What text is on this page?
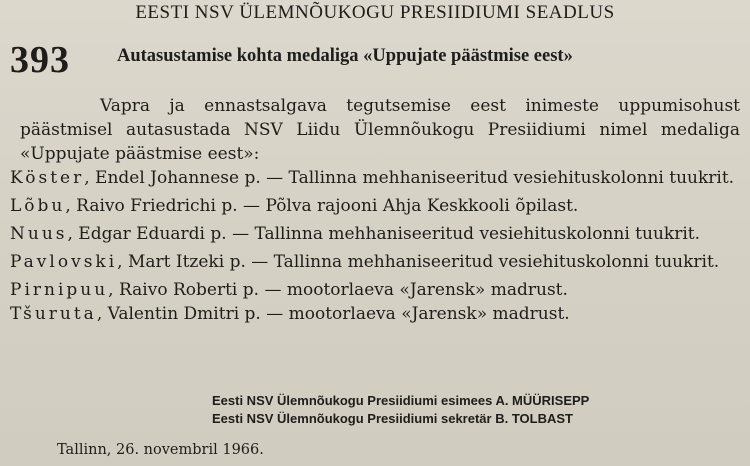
EESTI NSV ÜLEMNÕUKOGU PRESIIDIUMI SEADLUS
393	Autasustamise kohta medaliga «Uppujate päästmise eest»

Vapra ja ennastsalgava tegutsemise eest inimeste uppumisohust päästmisel autasustada NSV Liidu Ülemnõukogu Presiidiumi nimel medaliga «Uppujate päästmise eest»:

Köster, Endel Johannese p. — Tallinna mehhaniseeritud vesiehituskolonni tuukrit.

Lõbu, Raivo Friedrichi p. — Põlva rajooni Ahja Keskkooli õpilast.

Nuus, Edgar Eduardi p. — Tallinna mehhaniseeritud vesiehituskolonni tuukrit.

Pavlovski, Mart Itzeki p. — Tallinna mehhaniseeritud vesiehituskolonni tuukrit.

Pirnipuu, Raivo Roberti p. — mootorlaeva «Jarensk» madrust.

Tšuruta, Valentin Dmitri p. — mootorlaeva «Jarensk» madrust.

Eesti NSV Ülemnõukogu Presiidiumi esimees A. MÜÜRISEPP
Eesti NSV Ülemnõukogu Presiidiumi sekretär B. TOLBAST
Tallinn, 26. novembril 1966.
